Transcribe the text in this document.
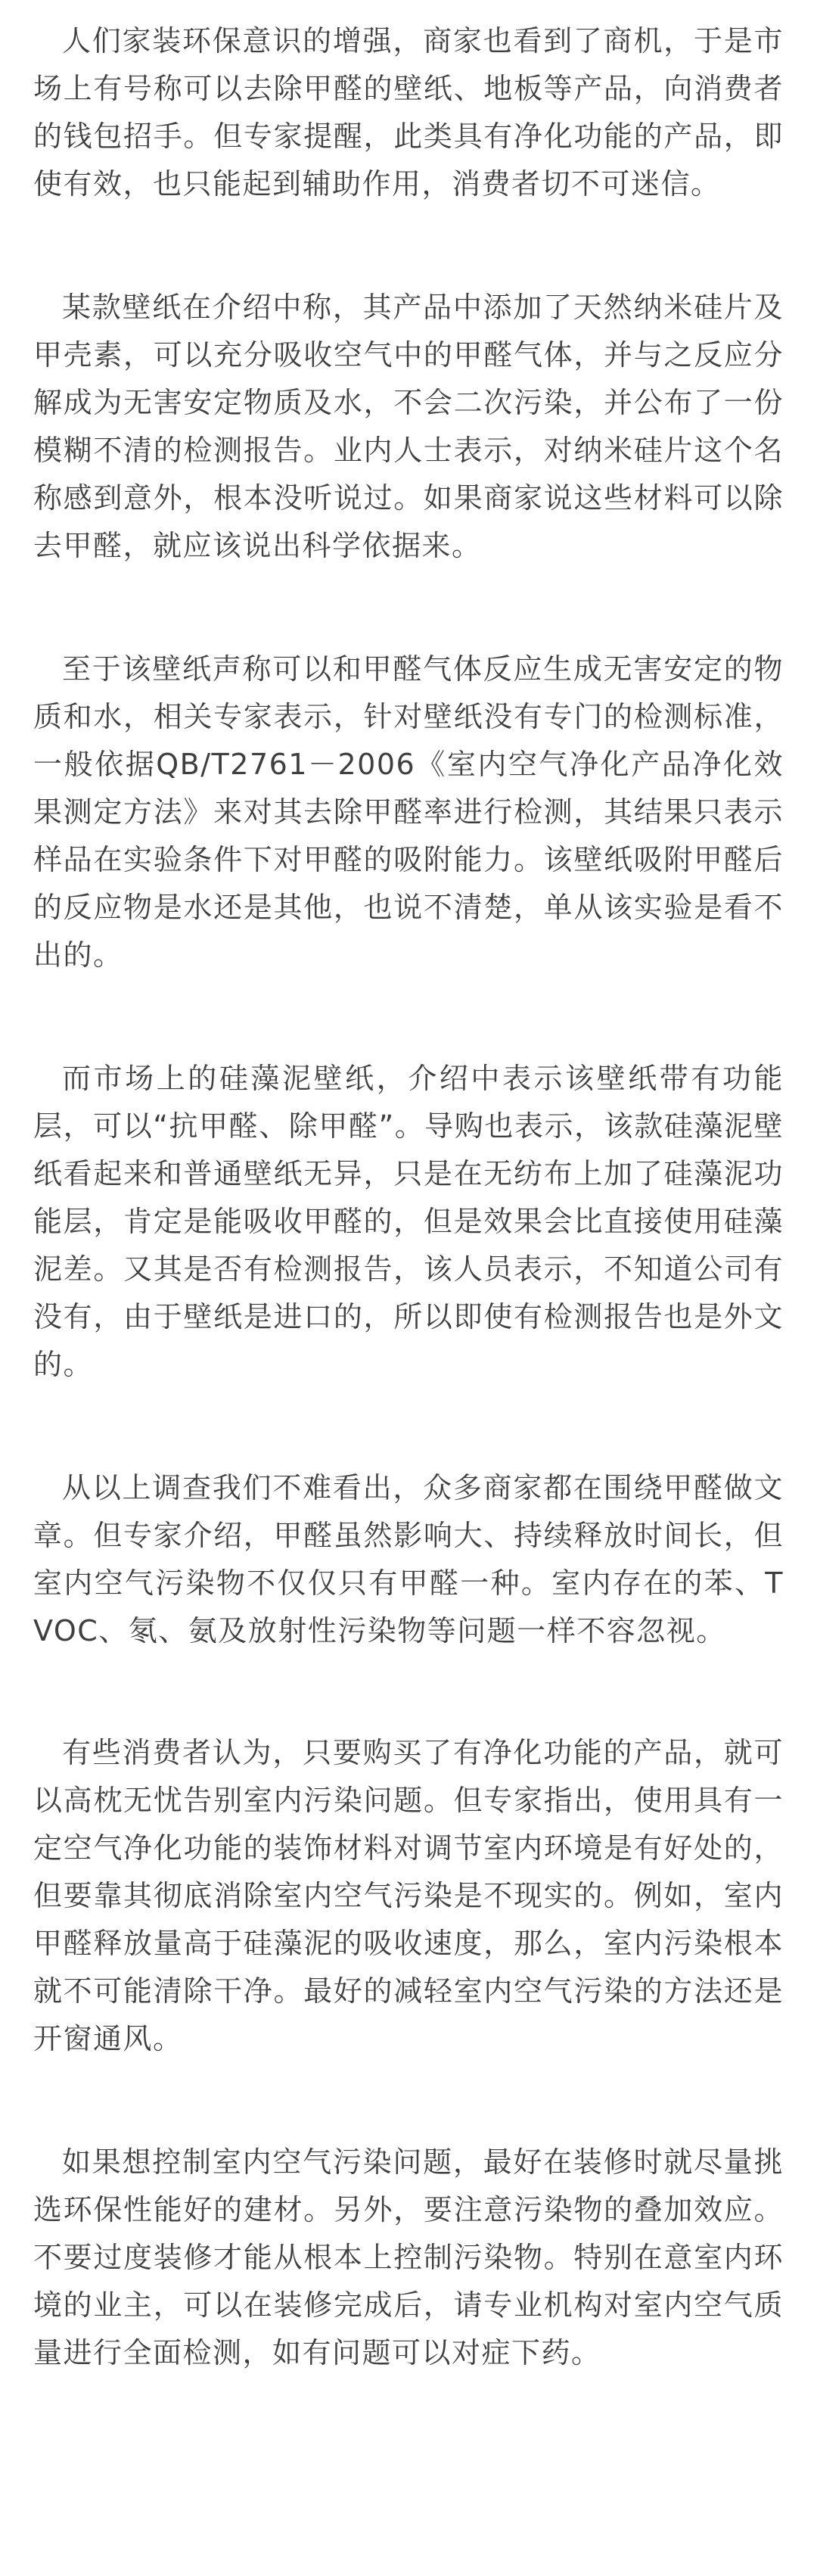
人们家装环保意识的增强，商家也看到了商机，于是市场上有号称可以去除甲醛的壁纸、地板等产品，向消费者的钱包招手。但专家提醒，此类具有净化功能的产品，即使有效，也只能起到辅助作用，消费者切不可迷信。

某款壁纸在介绍中称，其产品中添加了天然纳米硅片及甲壳素，可以充分吸收空气中的甲醛气体，并与之反应分解成为无害安定物质及水，不会二次污染，并公布了一份模糊不清的检测报告。业内人士表示，对纳米硅片这个名称感到意外，根本没听说过。如果商家说这些材料可以除去甲醛，就应该说出科学依据来。

至于该壁纸声称可以和甲醛气体反应生成无害安定的物质和水，相关专家表示，针对壁纸没有专门的检测标准，一般依据QB/T2761－2006《室内空气净化产品净化效果测定方法》来对其去除甲醛率进行检测，其结果只表示样品在实验条件下对甲醛的吸附能力。该壁纸吸附甲醛后的反应物是水还是其他，也说不清楚，单从该实验是看不出的。

而市场上的硅藻泥壁纸，介绍中表示该壁纸带有功能层，可以“抗甲醛、除甲醛”。导购也表示，该款硅藻泥壁纸看起来和普通壁纸无异，只是在无纺布上加了硅藻泥功能层，肯定是能吸收甲醛的，但是效果会比直接使用硅藻泥差。又其是否有检测报告，该人员表示，不知道公司有没有，由于壁纸是进口的，所以即使有检测报告也是外文的。

从以上调查我们不难看出，众多商家都在围绕甲醛做文章。但专家介绍，甲醛虽然影响大、持续释放时间长，但室内空气污染物不仅仅只有甲醛一种。室内存在的苯、TVOC、氡、氨及放射性污染物等问题一样不容忽视。

有些消费者认为，只要购买了有净化功能的产品，就可以高枕无忧告别室内污染问题。但专家指出，使用具有一定空气净化功能的装饰材料对调节室内环境是有好处的，但要靠其彻底消除室内空气污染是不现实的。例如，室内甲醛释放量高于硅藻泥的吸收速度，那么，室内污染根本就不可能清除干净。最好的减轻室内空气污染的方法还是开窗通风。

如果想控制室内空气污染问题，最好在装修时就尽量挑选环保性能好的建材。另外，要注意污染物的叠加效应。不要过度装修才能从根本上控制污染物。特别在意室内环境的业主，可以在装修完成后，请专业机构对室内空气质量进行全面检测，如有问题可以对症下药。
